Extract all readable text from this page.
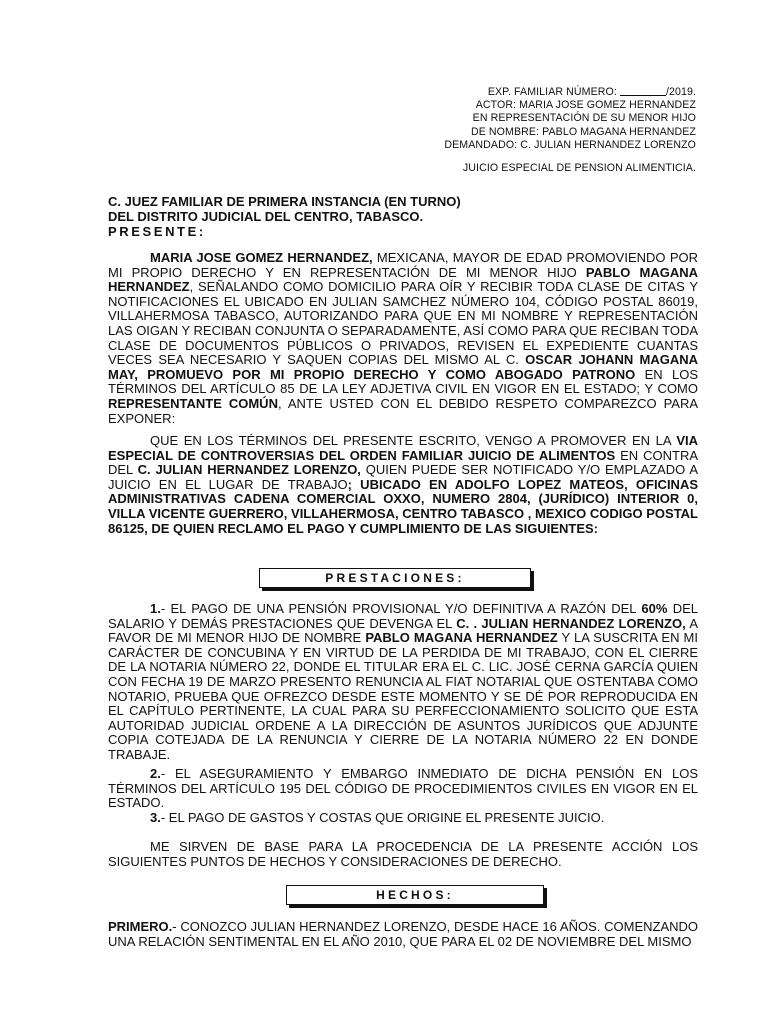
EXP. FAMILIAR NÚMERO:	/2019.
ACTOR: MARIA JOSE GOMEZ HERNANDEZ
EN REPRESENTACIÓN DE SU MENOR HIJO
DE NOMBRE: PABLO MAGANA HERNANDEZ
DEMANDADO: C. JULIAN HERNANDEZ LORENZO
JUICIO ESPECIAL DE PENSION ALIMENTICIA.
C. JUEZ FAMILIAR DE PRIMERA INSTANCIA (EN TURNO)
DEL DISTRITO JUDICIAL DEL CENTRO, TABASCO.
PRESENTE:
MARIA JOSE GOMEZ HERNANDEZ, MEXICANA, MAYOR DE EDAD PROMOVIENDO POR MI PROPIO DERECHO Y EN REPRESENTACIÓN DE MI MENOR HIJO PABLO MAGANA HERNANDEZ, SEÑALANDO COMO DOMICILIO PARA OÍR Y RECIBIR TODA CLASE DE CITAS Y NOTIFICACIONES EL UBICADO EN JULIAN SAMCHEZ NÚMERO 104, CÓDIGO POSTAL 86019, VILLAHERMOSA TABASCO, AUTORIZANDO PARA QUE EN MI NOMBRE Y REPRESENTACIÓN LAS OIGAN Y RECIBAN CONJUNTA O SEPARADAMENTE, ASÍ COMO PARA QUE RECIBAN TODA CLASE DE DOCUMENTOS PÚBLICOS O PRIVADOS, REVISEN EL EXPEDIENTE CUANTAS VECES SEA NECESARIO Y SAQUEN COPIAS DEL MISMO AL C. OSCAR JOHANN MAGANA MAY, PROMUEVO POR MI PROPIO DERECHO Y COMO ABOGADO PATRONO EN LOS TÉRMINOS DEL ARTÍCULO 85 DE LA LEY ADJETIVA CIVIL EN VIGOR EN EL ESTADO; Y COMO REPRESENTANTE COMÚN, ANTE USTED CON EL DEBIDO RESPETO COMPAREZCO PARA EXPONER:
QUE EN LOS TÉRMINOS DEL PRESENTE ESCRITO, VENGO A PROMOVER EN LA VIA ESPECIAL DE CONTROVERSIAS DEL ORDEN FAMILIAR JUICIO DE ALIMENTOS EN CONTRA DEL C. JULIAN HERNANDEZ LORENZO, QUIEN PUEDE SER NOTIFICADO Y/O EMPLAZADO A JUICIO EN EL LUGAR DE TRABAJO; UBICADO EN ADOLFO LOPEZ MATEOS, OFICINAS ADMINISTRATIVAS CADENA COMERCIAL OXXO, NUMERO 2804, (JURÍDICO) INTERIOR 0, VILLA VICENTE GUERRERO, VILLAHERMOSA, CENTRO TABASCO , MEXICO CODIGO POSTAL 86125, DE QUIEN RECLAMO EL PAGO Y CUMPLIMIENTO DE LAS SIGUIENTES:
PRESTACIONES:
1.- EL PAGO DE UNA PENSIÓN PROVISIONAL Y/O DEFINITIVA A RAZÓN DEL 60% DEL SALARIO Y DEMÁS PRESTACIONES QUE DEVENGA EL C. . JULIAN HERNANDEZ LORENZO, A FAVOR DE MI MENOR HIJO DE NOMBRE PABLO MAGANA HERNANDEZ Y LA SUSCRITA EN MI CARÁCTER DE CONCUBINA Y EN VIRTUD DE LA PERDIDA DE MI TRABAJO, CON EL CIERRE DE LA NOTARIA NÚMERO 22, DONDE EL TITULAR ERA EL C. LIC. JOSÉ CERNA GARCÍA QUIEN CON FECHA 19 DE MARZO PRESENTO RENUNCIA AL FIAT NOTARIAL QUE OSTENTABA COMO NOTARIO, PRUEBA QUE OFREZCO DESDE ESTE MOMENTO Y SE DÉ POR REPRODUCIDA EN EL CAPÍTULO PERTINENTE, LA CUAL PARA SU PERFECCIONAMIENTO SOLICITO QUE ESTA AUTORIDAD JUDICIAL ORDENE A LA DIRECCIÓN DE ASUNTOS JURÍDICOS QUE ADJUNTE COPIA COTEJADA DE LA RENUNCIA Y CIERRE DE LA NOTARIA NÚMERO 22 EN DONDE TRABAJE.
2.- EL ASEGURAMIENTO Y EMBARGO INMEDIATO DE DICHA PENSIÓN EN LOS TÉRMINOS DEL ARTÍCULO 195 DEL CÓDIGO DE PROCEDIMIENTOS CIVILES EN VIGOR EN EL ESTADO.
3.- EL PAGO DE GASTOS Y COSTAS QUE ORIGINE EL PRESENTE JUICIO.
ME SIRVEN DE BASE PARA LA PROCEDENCIA DE LA PRESENTE ACCIÓN LOS SIGUIENTES PUNTOS DE HECHOS Y CONSIDERACIONES DE DERECHO.
HECHOS:
PRIMERO.- CONOZCO JULIAN HERNANDEZ LORENZO, DESDE HACE 16 AÑOS. COMENZANDO UNA RELACIÓN SENTIMENTAL EN EL AÑO 2010, QUE PARA EL 02 DE NOVIEMBRE DEL MISMO
